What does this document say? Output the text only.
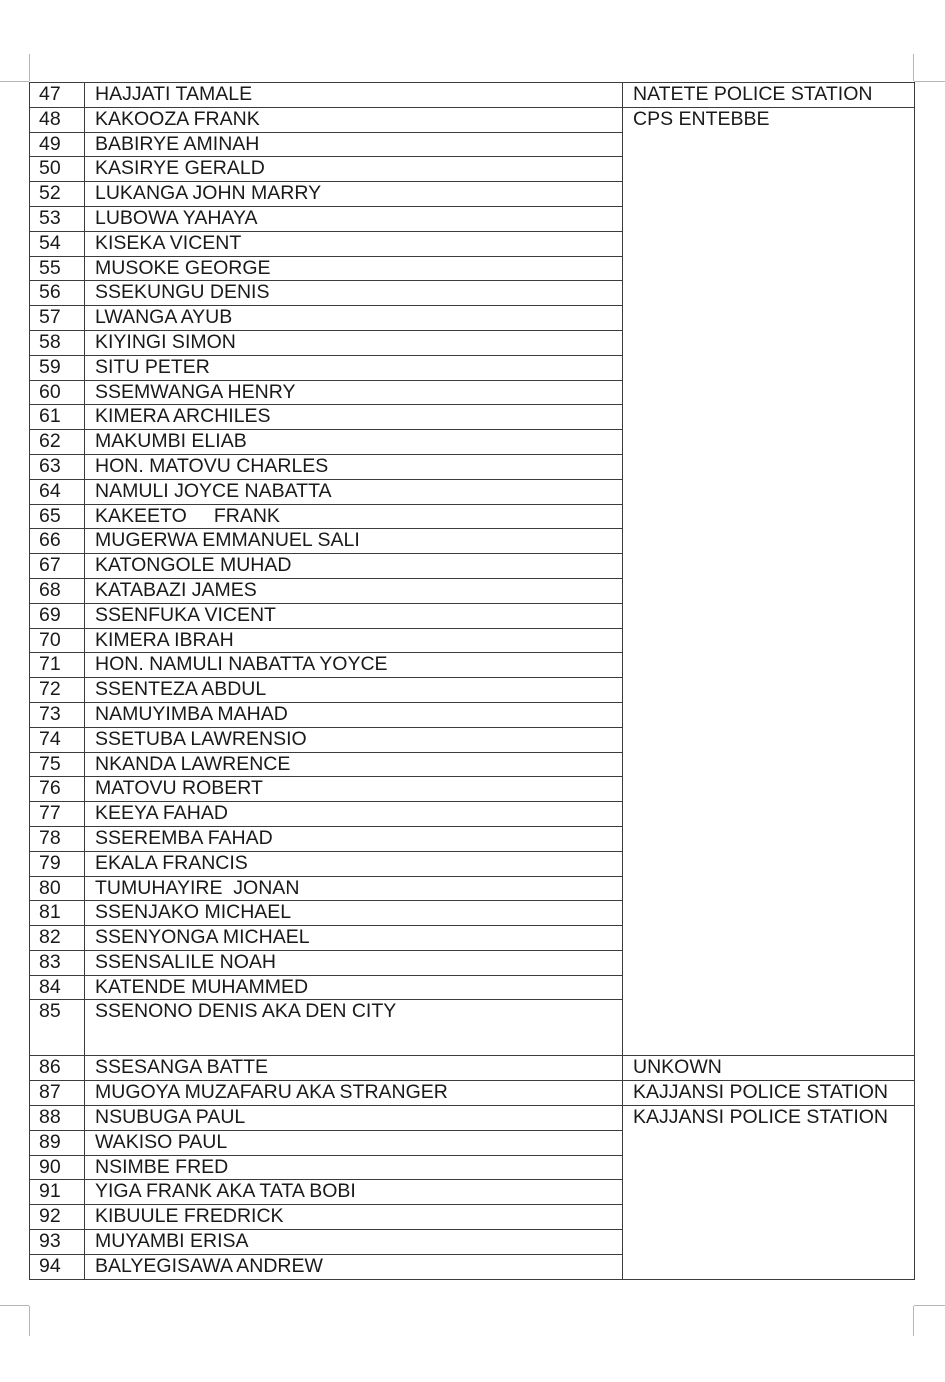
47	HAJJATI TAMALE	NATETE POLICE STATION	
48	KAKOOZA FRANK	CPS ENTEBBE	
49	BABIRYE AMINAH		
50	KASIRYE GERALD		
52	LUKANGA JOHN MARRY		
53	LUBOWA YAHAYA		
54	KISEKA VICENT		
55	MUSOKE GEORGE		
56	SSEKUNGU DENIS		
57	LWANGA AYUB		
58	KIYINGI SIMON		
59	SITU PETER		
60	SSEMWANGA HENRY		
61	KIMERA ARCHILES		
62	MAKUMBI ELIAB		
63	HON. MATOVU CHARLES		
64	NAMULI JOYCE NABATTA		
65	KAKEETO     FRANK		
66	MUGERWA EMMANUEL SALI		
67	KATONGOLE MUHAD		
68	KATABAZI JAMES		
69	SSENFUKA VICENT		
70	KIMERA IBRAH		
71	HON. NAMULI NABATTA YOYCE		
72	SSENTEZA ABDUL		
73	NAMUYIMBA MAHAD		
74	SSETUBA LAWRENSIO		
75	NKANDA LAWRENCE		
76	MATOVU ROBERT		
77	KEEYA FAHAD		
78	SSEREMBA FAHAD		
79	EKALA FRANCIS		
80	TUMUHAYIRE  JONAN		
81	SSENJAKO MICHAEL		
82	SSENYONGA MICHAEL		
83	SSENSALILE NOAH		
84	KATENDE MUHAMMED		
85	SSENONO DENIS AKA DEN CITY	
86	SSESANGA BATTE	UNKOWN	
87	MUGOYA MUZAFARU AKA STRANGER	KAJJANSI POLICE STATION	
88	NSUBUGA PAUL	KAJJANSI POLICE STATION	
89	WAKISO PAUL		
90	NSIMBE FRED		
91	YIGA FRANK AKA TATA BOBI		
92	KIBUULE FREDRICK		
93	MUYAMBI ERISA		
94	BALYEGISAWA ANDREW		
